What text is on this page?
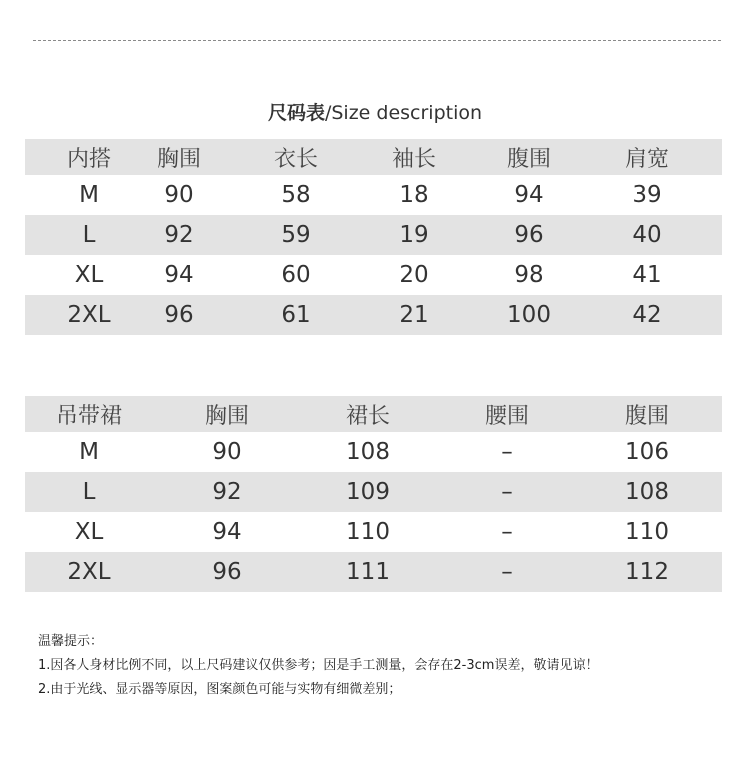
尺码表/Size description
内搭	胸围	衣长	袖长	腹围	肩宽
M	90	58	18	94	39
L	92	59	19	96	40
XL	94	60	20	98	41
2XL	96	61	21	100	42
吊带裙	胸围	裙长	腰围	腹围
M	90	108	–	106
L	92	109	–	108
XL	94	110	–	110
2XL	96	111	–	112
温馨提示：
1.因各人身材比例不同，以上尺码建议仅供参考；因是手工测量，会存在2-3cm误差，敬请见谅！
2.由于光线、显示器等原因，图案颜色可能与实物有细微差别；
